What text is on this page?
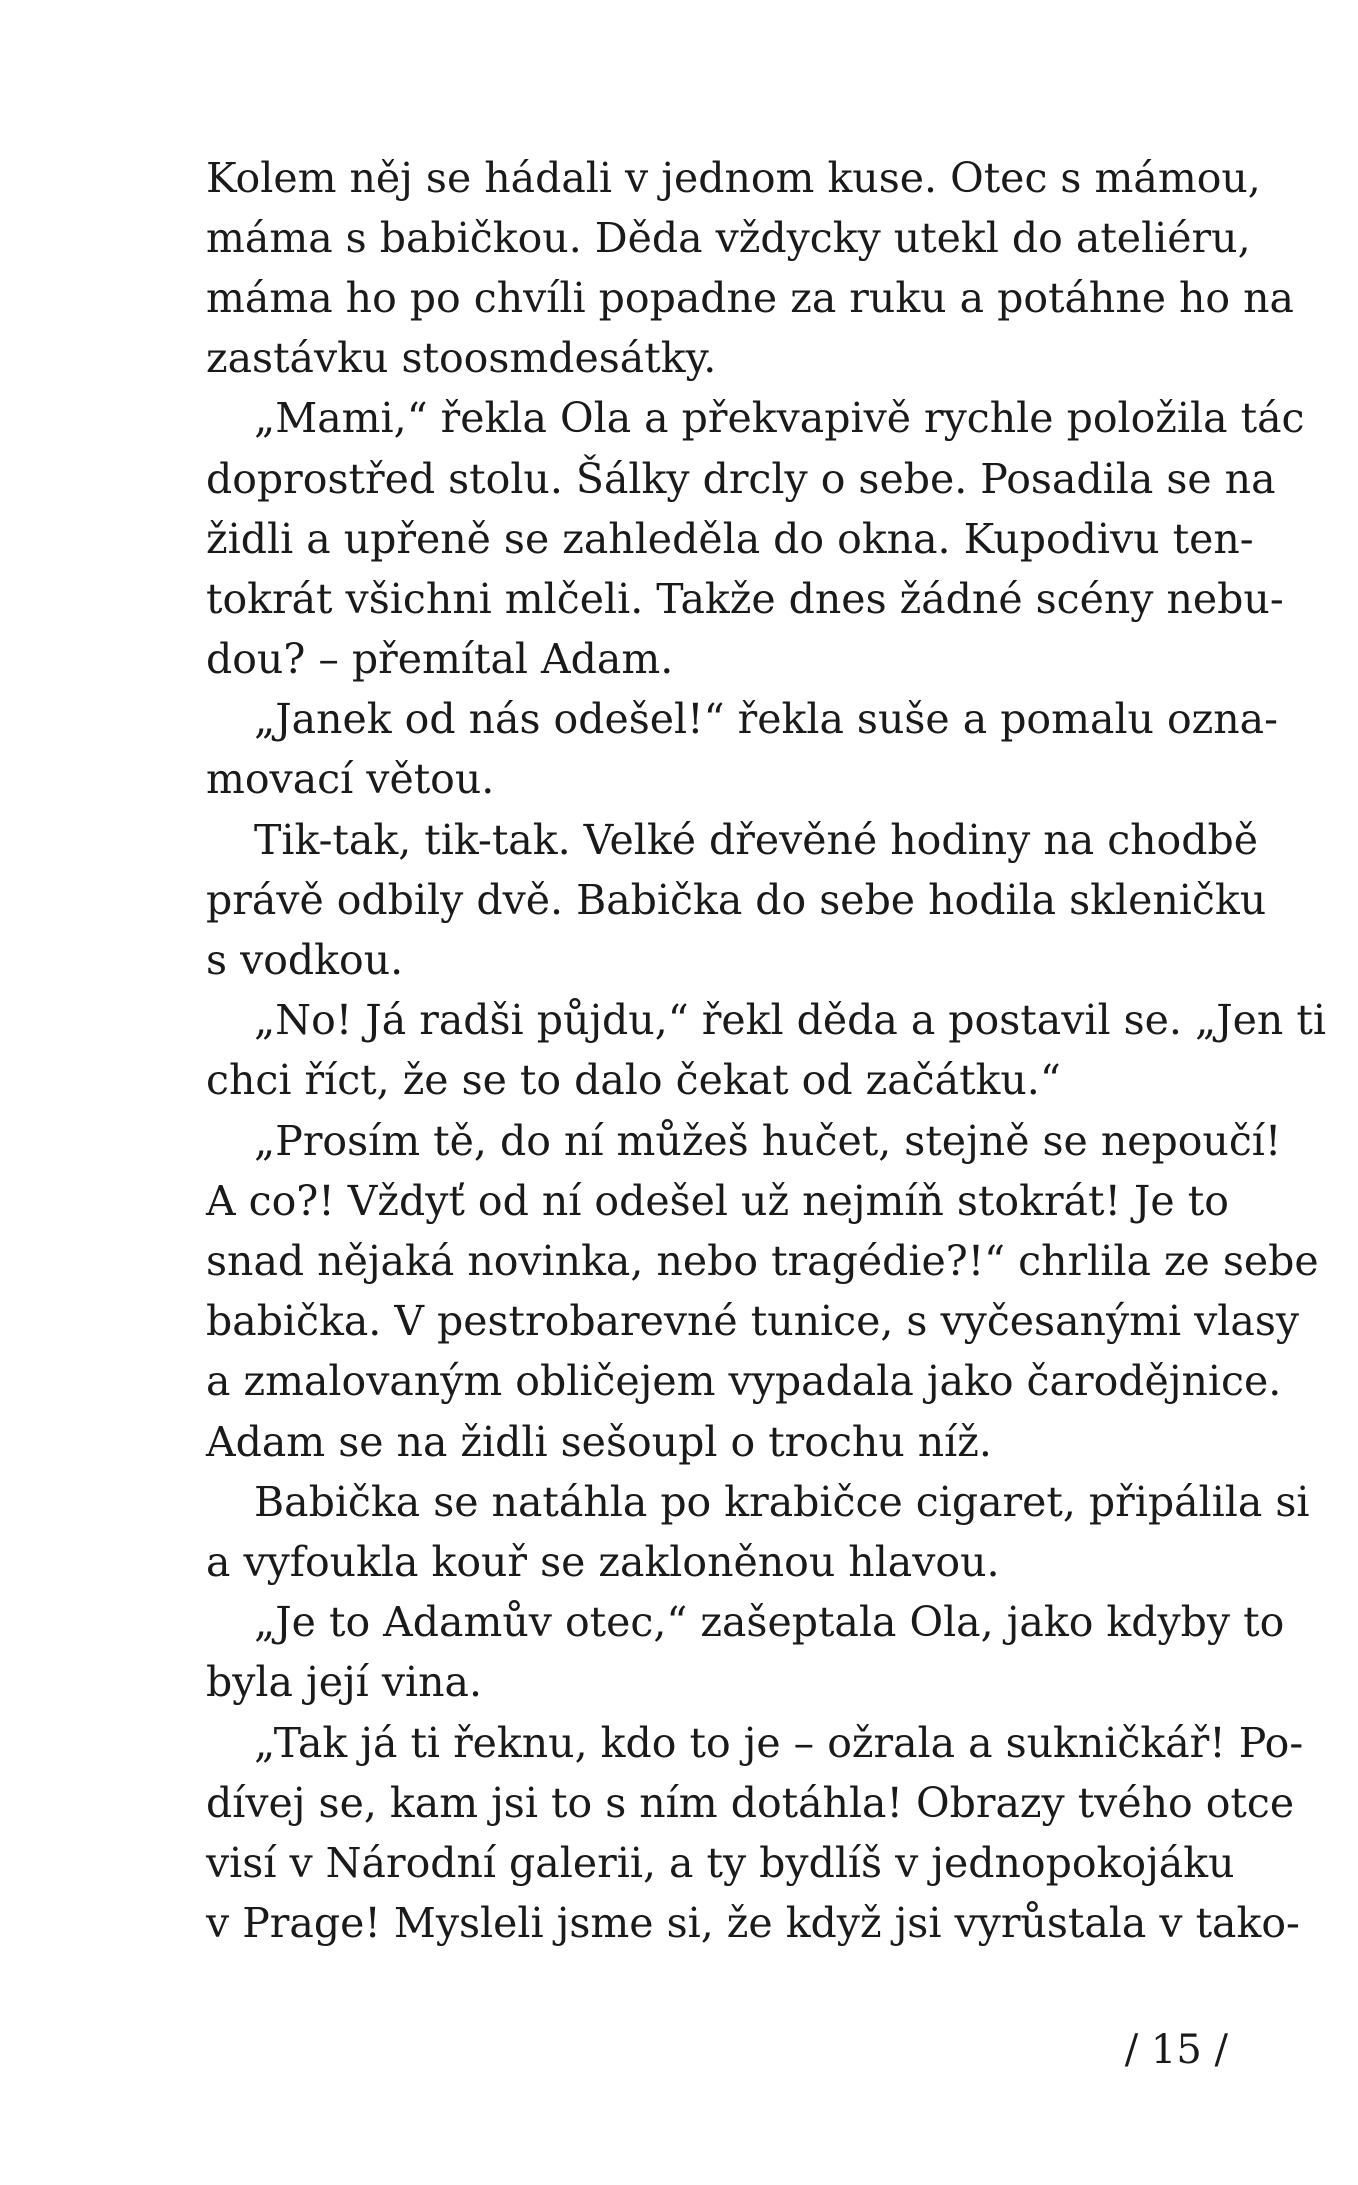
Kolem něj se hádali v jednom kuse. Otec s mámou,
máma s babičkou. Děda vždycky utekl do ateliéru,
máma ho po chvíli popadne za ruku a potáhne ho na
zastávku stoosmdesátky.
„Mami,“ řekla Ola a překvapivě rychle položila tác
doprostřed stolu. Šálky drcly o sebe. Posadila se na
židli a upřeně se zahleděla do okna. Kupodivu ten-
tokrát všichni mlčeli. Takže dnes žádné scény nebu-
dou? – přemítal Adam.
„Janek od nás odešel!“ řekla suše a pomalu ozna-
movací větou.
Tik-tak, tik-tak. Velké dřevěné hodiny na chodbě
právě odbily dvě. Babička do sebe hodila skleničku
s vodkou.
„No! Já radši půjdu,“ řekl děda a postavil se. „Jen ti
chci říct, že se to dalo čekat od začátku.“
„Prosím tě, do ní můžeš hučet, stejně se nepoučí!
A co?! Vždyť od ní odešel už nejmíň stokrát! Je to
snad nějaká novinka, nebo tragédie?!“ chrlila ze sebe
babička. V pestrobarevné tunice, s vyčesanými vlasy
a zmalovaným obličejem vypadala jako čarodějnice.
Adam se na židli sešoupl o trochu níž.
Babička se natáhla po krabičce cigaret, připálila si
a vyfoukla kouř se zakloněnou hlavou.
„Je to Adamův otec,“ zašeptala Ola, jako kdyby to
byla její vina.
„Tak já ti řeknu, kdo to je – ožrala a sukničkář! Po-
dívej se, kam jsi to s ním dotáhla! Obrazy tvého otce
visí v Národní galerii, a ty bydlíš v jednopokojáku
v Prage! Mysleli jsme si, že když jsi vyrůstala v tako-
/ 15 /
